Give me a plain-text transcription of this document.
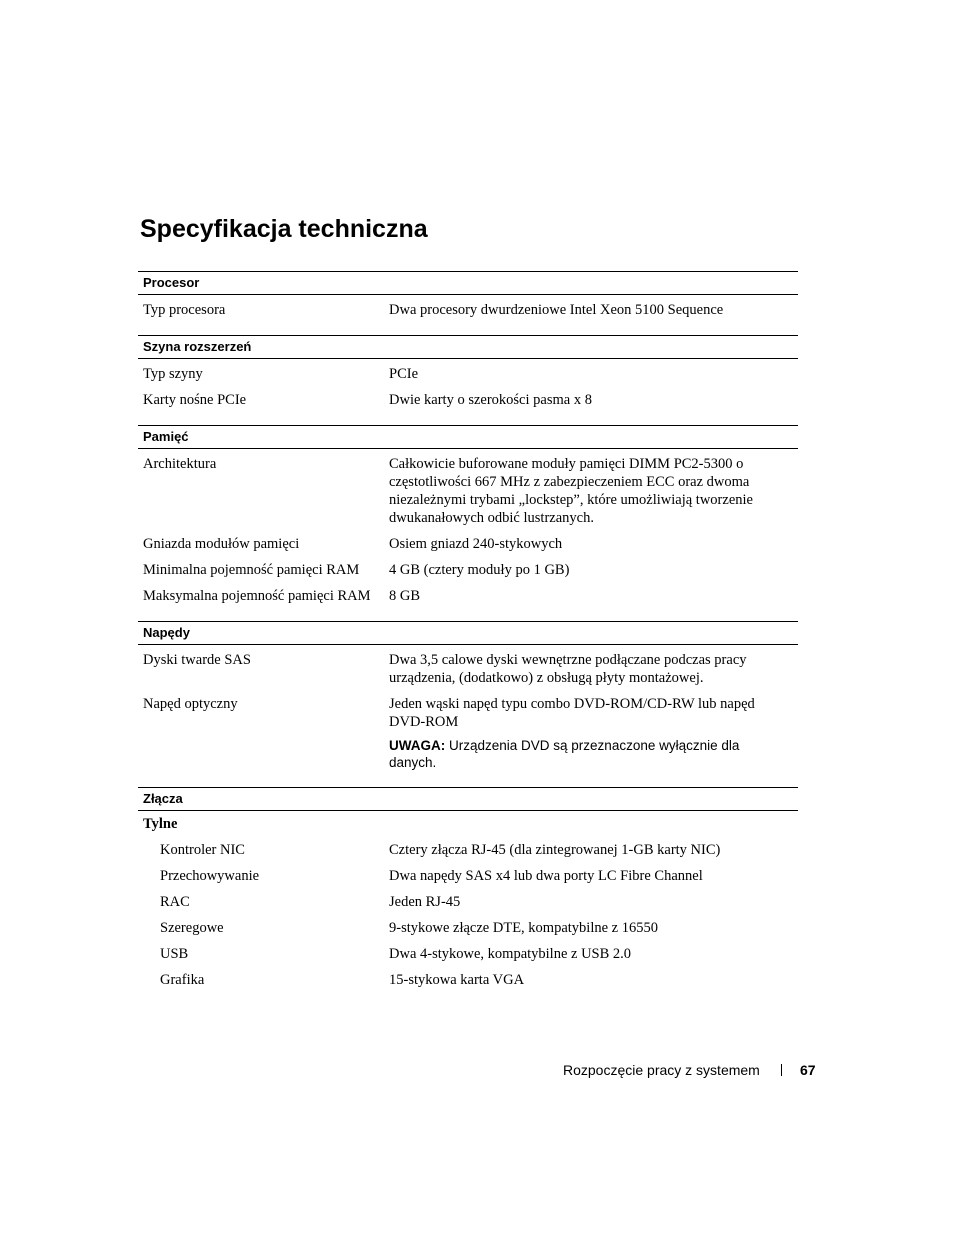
Specyfikacja techniczna
Procesor
Typ procesora	Dwa procesory dwurdzeniowe Intel Xeon 5100 Sequence
Szyna rozszerzeń
Typ szyny	PCIe
Karty nośne PCIe	Dwie karty o szerokości pasma x 8
Pamięć
Architektura	Całkowicie buforowane moduły pamięci DIMM PC2-5300 o częstotliwości 667 MHz z zabezpieczeniem ECC oraz dwoma niezależnymi trybami „lockstep”, które umożliwiają tworzenie dwukanałowych odbić lustrzanych.
Gniazda modułów pamięci	Osiem gniazd 240-stykowych
Minimalna pojemność pamięci RAM	4 GB (cztery moduły po 1 GB)
Maksymalna pojemność pamięci RAM	8 GB
Napędy
Dyski twarde SAS	Dwa 3,5 calowe dyski wewnętrzne podłączane podczas pracy urządzenia, (dodatkowo) z obsługą płyty montażowej.
Napęd optyczny	Jeden wąski napęd typu combo DVD-ROM/CD-RW lub napęd DVD-ROM
UWAGA: Urządzenia DVD są przeznaczone wyłącznie dla danych.
Złącza
Tylne
Kontroler NIC	Cztery złącza RJ-45 (dla zintegrowanej 1-GB karty NIC)
Przechowywanie	Dwa napędy SAS x4 lub dwa porty LC Fibre Channel
RAC	Jeden RJ-45
Szeregowe	9-stykowe złącze DTE, kompatybilne z 16550
USB	Dwa 4-stykowe, kompatybilne z USB 2.0
Grafika	15-stykowa karta VGA
Rozpoczęcie pracy z systemem	67
